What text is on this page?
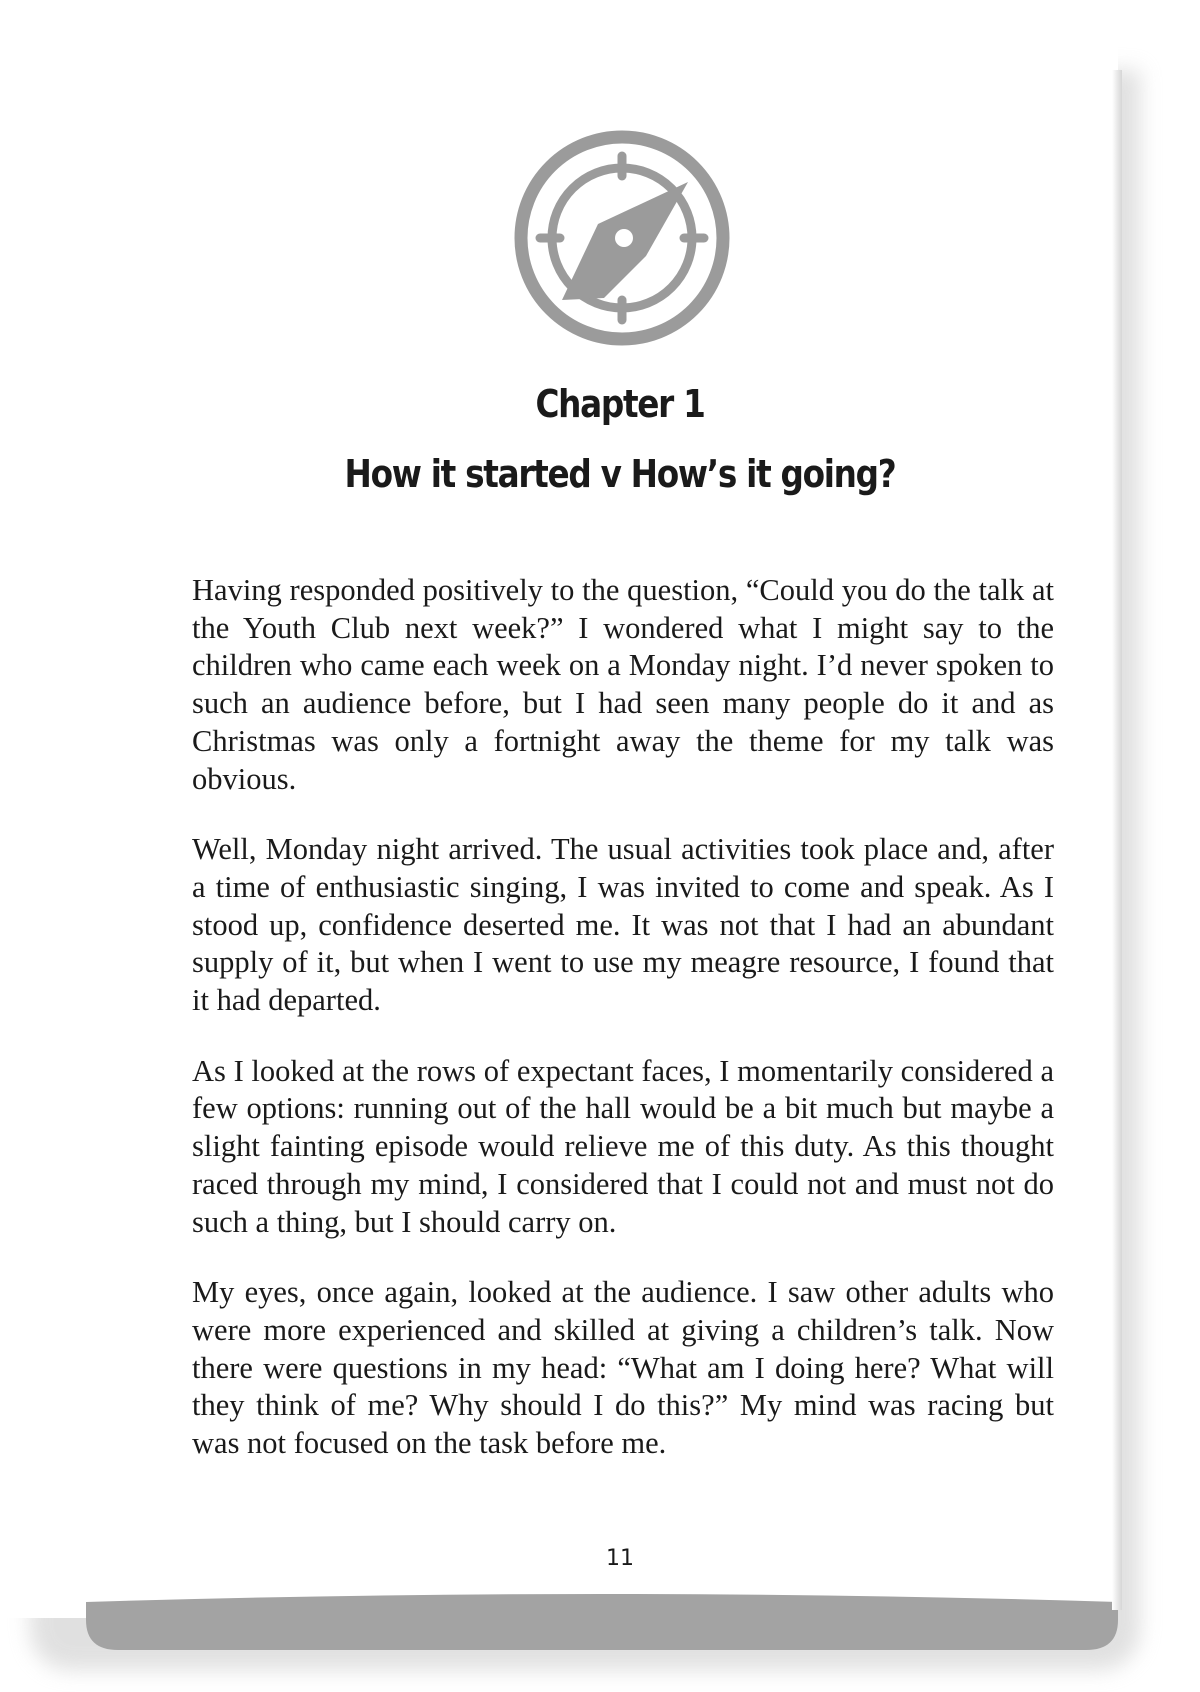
Chapter 1
How it started v How’s it going?

Having responded positively to the question, “Could you do the talk at the Youth Club next week?” I wondered what I might say to the children who came each week on a Monday night. I’d never spoken to such an audience before, but I had seen many people do it and as Christmas was only a fortnight away the theme for my talk was obvious.

Well, Monday night arrived. The usual activities took place and, after a time of enthusiastic singing, I was invited to come and speak. As I stood up, confidence deserted me. It was not that I had an abundant supply of it, but when I went to use my meagre resource, I found that it had departed.

As I looked at the rows of expectant faces, I momentarily considered a few options: running out of the hall would be a bit much but maybe a slight fainting episode would relieve me of this duty. As this thought raced through my mind, I considered that I could not and must not do such a thing, but I should carry on.

My eyes, once again, looked at the audience. I saw other adults who were more experienced and skilled at giving a children’s talk. Now there were questions in my head: “What am I doing here? What will they think of me? Why should I do this?” My mind was racing but was not focused on the task before me.

11
